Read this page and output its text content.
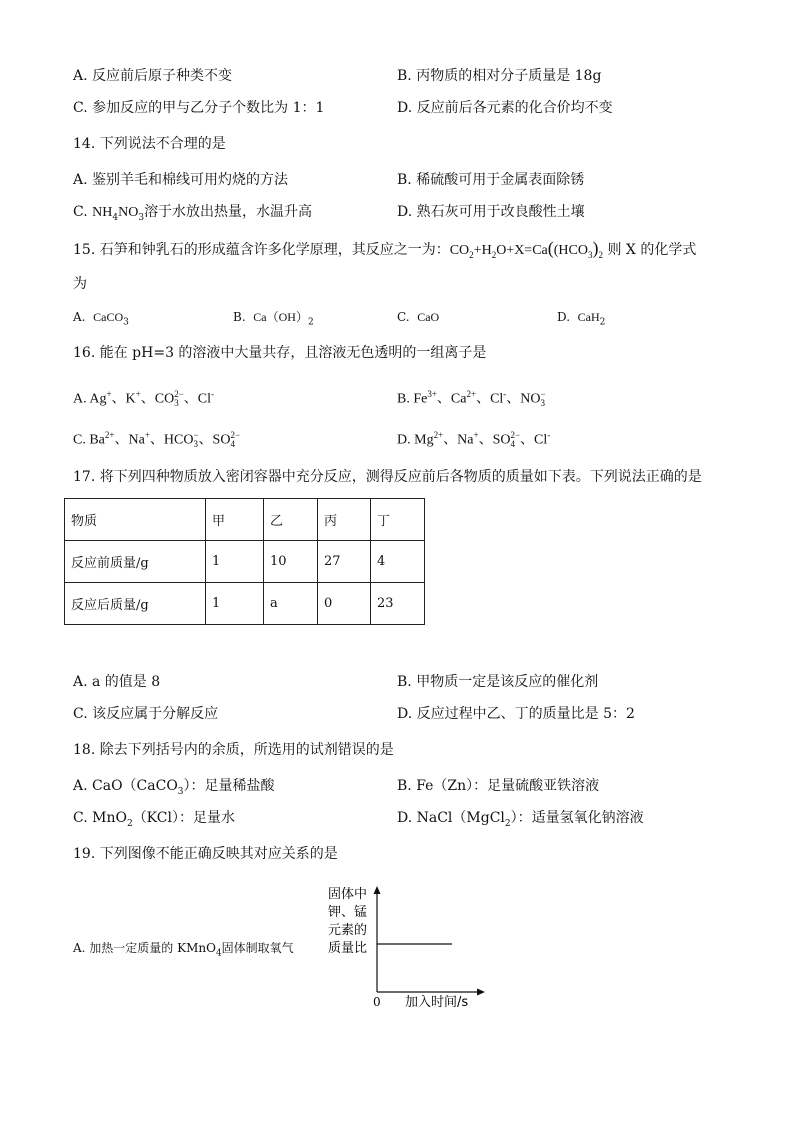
A. 反应前后原子种类不变	B. 丙物质的相对分子质量是 18g
C. 参加反应的甲与乙分子个数比为 1：1	D. 反应前后各元素的化合价均不变
14. 下列说法不合理的是
A. 鉴别羊毛和棉线可用灼烧的方法	B. 稀硫酸可用于金属表面除锈
C. $NH_4NO_3$溶于水放出热量，水温升高	D. 熟石灰可用于改良酸性土壤
15. 石笋和钟乳石的形成蕴含许多化学原理，其反应之一为：$CO_2+H_2O+X=Ca((HCO_3)_2$ 则 X 的化学式
为
A. CaCO$_3$	B. $Ca(OH)_2$	C. CaO	D. CaH$_2$
16. 能在 pH=3 的溶液中大量共存，且溶液无色透明的一组离子是
A. Ag+、K+、CO 2−
3 、Cl-	B. $Fe^{3+}$、$Ca^{2+}$、Cl-、NO −
3
C. $Ba^{2+}$、Na+、HCO −
3 、SO 2−
4	D. $Mg^{2+}$、Na+、SO 2−
4 、Cl-
17. 将下列四种物质放入密闭容器中充分反应，测得反应前后各物质的质量如下表。下列说法正确的是
物质	甲	乙	丙	丁
反应前质量/g	1	10	27	4
反应后质量/g	1	a	0	23
A. a 的值是 8	B. 甲物质一定是该反应的催化剂
C. 该反应属于分解反应	D. 反应过程中乙、丁的质量比是 5：2
18. 除去下列括号内的余质，所选用的试剂错误的是
A. CaO（CaCO$_3$）：足量稀盐酸	B. Fe（Zn）：足量硫酸亚铁溶液
C. MnO$_2$（KCl）：足量水	D. NaCl（MgCl$_2$）：适量氢氧化钠溶液
19. 下列图像不能正确反映其对应关系的是
A. 加热一定质量的 KMnO$_4$固体制取氧气
固体中
钾、锰
元素的
质量比
0 加入时间/s
